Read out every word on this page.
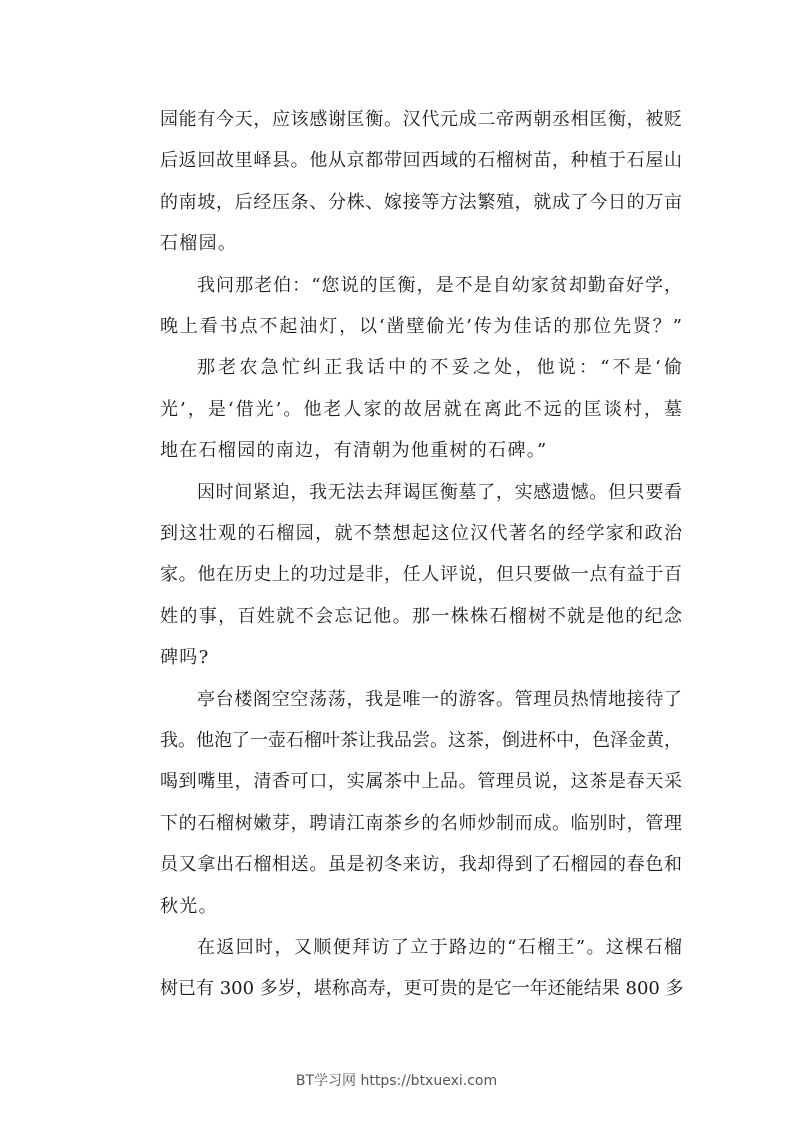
园能有今天，应该感谢匡衡。汉代元成二帝两朝丞相匡衡，被贬
后返回故里峄县。他从京都带回西域的石榴树苗，种植于石屋山
的南坡，后经压条、分株、嫁接等方法繁殖，就成了今日的万亩
石榴园。
我问那老伯：“您说的匡衡，是不是自幼家贫却勤奋好学，
晚上看书点不起油灯，以‘凿壁偷光’传为佳话的那位先贤？”
那老农急忙纠正我话中的不妥之处，他说：“不是‘偷
光’，是‘借光’。他老人家的故居就在离此不远的匡谈村，墓
地在石榴园的南边，有清朝为他重树的石碑。”
因时间紧迫，我无法去拜谒匡衡墓了，实感遗憾。但只要看
到这壮观的石榴园，就不禁想起这位汉代著名的经学家和政治
家。他在历史上的功过是非，任人评说，但只要做一点有益于百
姓的事，百姓就不会忘记他。那一株株石榴树不就是他的纪念
碑吗?
亭台楼阁空空荡荡，我是唯一的游客。管理员热情地接待了
我。他泡了一壶石榴叶茶让我品尝。这茶，倒进杯中，色泽金黄，
喝到嘴里，清香可口，实属茶中上品。管理员说，这茶是春天采
下的石榴树嫩芽，聘请江南茶乡的名师炒制而成。临别时，管理
员又拿出石榴相送。虽是初冬来访，我却得到了石榴园的春色和
秋光。
在返回时，又顺便拜访了立于路边的“石榴王”。这棵石榴
树已有 300 多岁，堪称高寿，更可贵的是它一年还能结果 800 多
BT学习网 https://btxuexi.com
